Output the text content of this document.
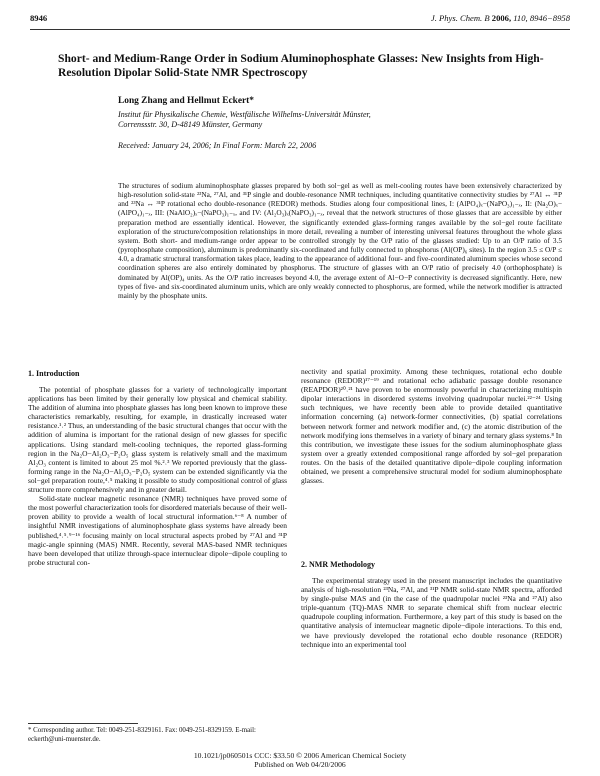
8946	J. Phys. Chem. B 2006, 110, 8946−8958
Short- and Medium-Range Order in Sodium Aluminophosphate Glasses: New Insights from High-Resolution Dipolar Solid-State NMR Spectroscopy
Long Zhang and Hellmut Eckert*
Institut für Physikalische Chemie, Westfälische Wilhelms-Universität Münster,
Correnssstr. 30, D-48149 Münster, Germany
Received: January 24, 2006; In Final Form: March 22, 2006
The structures of sodium aluminophosphate glasses prepared by both sol−gel as well as melt-cooling routes have been extensively characterized by high-resolution solid-state ²³Na, ²⁷Al, and ³¹P single and double-resonance NMR techniques, including quantitative connectivity studies by ²⁷Al ↔ ³¹P and ²³Na ↔ ³¹P rotational echo double-resonance (REDOR) methods. Studies along four compositional lines, I: (AlPO₄)ₓ−(NaPO₃)₁₋ₓ, II: (Na₂O)ₓ−(AlPO₄)₁₋ₓ, III: (NaAlO₂)ₓ−(NaPO₃)₁₋ₓ, and IV: (Al₂O₃)ₓ(NaPO₃)₁₋ₓ, reveal that the network structures of those glasses that are accessible by either preparation method are essentially identical. However, the significantly extended glass-forming ranges available by the sol−gel route facilitate exploration of the structure/composition relationships in more detail, revealing a number of interesting universal features throughout the whole glass system. Both short- and medium-range order appear to be controlled strongly by the O/P ratio of the glasses studied: Up to an O/P ratio of 3.5 (pyrophosphate composition), aluminum is predominantly six-coordinated and fully connected to phosphorus (Al(OP)₆ sites). In the region 3.5 ≤ O/P ≤ 4.0, a dramatic structural transformation takes place, leading to the appearance of additional four- and five-coordinated aluminum species whose second coordination spheres are also entirely dominated by phosphorus. The structure of glasses with an O/P ratio of precisely 4.0 (orthophosphate) is dominated by Al(OP)₄ units. As the O/P ratio increases beyond 4.0, the average extent of Al−O−P connectivity is decreased significantly. Here, new types of five- and six-coordinated aluminum units, which are only weakly connected to phosphorus, are formed, while the network modifier is attracted mainly by the phosphate units.
1. Introduction

The potential of phosphate glasses for a variety of technologically important applications has been limited by their generally low physical and chemical stability. The addition of alumina into phosphate glasses has long been known to improve these characteristics remarkably, resulting, for example, in drastically increased water resistance.¹˒² Thus, an understanding of the basic structural changes that occur with the addition of alumina is important for the rational design of new glasses for specific applications. Using standard melt-cooling techniques, the reported glass-forming region in the Na₂O−Al₂O₃−P₂O₅ glass system is relatively small and the maximum Al₂O₃ content is limited to about 25 mol %.²˒³ We reported previously that the glass-forming range in the Na₂O−Al₂O₃−P₂O₅ system can be extended significantly via the sol−gel preparation route,⁴˒⁵ making it possible to study compositional control of glass structure more comprehensively and in greater detail.

Solid-state nuclear magnetic resonance (NMR) techniques have proved some of the most powerful characterization tools for disordered materials because of their well-proven ability to provide a wealth of local structural information.⁶⁻⁸ A number of insightful NMR investigations of aluminophosphate glass systems have already been published,⁴˒⁵˒⁹⁻¹⁶ focusing mainly on local structural aspects probed by ²⁷Al and ³¹P magic-angle spinning (MAS) NMR. Recently, several MAS-based NMR techniques have been developed that utilize through-space internuclear dipole−dipole coupling to probe structural con-

nectivity and spatial proximity. Among these techniques, rotational echo double resonance (REDOR)¹⁷⁻¹⁹ and rotational echo adiabatic passage double resonance (REAPDOR)²⁰˒²¹ have proven to be enormously powerful in characterizing multispin dipolar interactions in disordered systems involving quadrupolar nuclei.²²⁻²⁴ Using such techniques, we have recently been able to provide detailed quantitative information concerning (a) network-former connectivities, (b) spatial correlations between network former and network modifier and, (c) the atomic distribution of the network modifying ions themselves in a variety of binary and ternary glass systems.⁸ In this contribution, we investigate these issues for the sodium aluminophosphate glass system over a greatly extended compositional range afforded by sol−gel preparation routes. On the basis of the detailed quantitative dipole−dipole coupling information obtained, we present a comprehensive structural model for sodium aluminophosphate glasses.

2. NMR Methodology

The experimental strategy used in the present manuscript includes the quantitative analysis of high-resolution ²³Na, ²⁷Al, and ³¹P NMR solid-state NMR spectra, afforded by single-pulse MAS and (in the case of the quadrupolar nuclei ²³Na and ²⁷Al) also triple-quantum (TQ)-MAS NMR to separate chemical shift from nuclear electric quadrupole coupling information. Furthermore, a key part of this study is based on the quantitative analysis of internuclear magnetic dipole−dipole interactions. To this end, we have previously developed the rotational echo double resonance (REDOR) technique into an experimental tool

* Corresponding author. Tel: 0049-251-8329161. Fax: 0049-251-8329159. E-mail: eckerth@uni-muenster.de.
10.1021/jp060501s CCC: $33.50 © 2006 American Chemical Society
Published on Web 04/20/2006
